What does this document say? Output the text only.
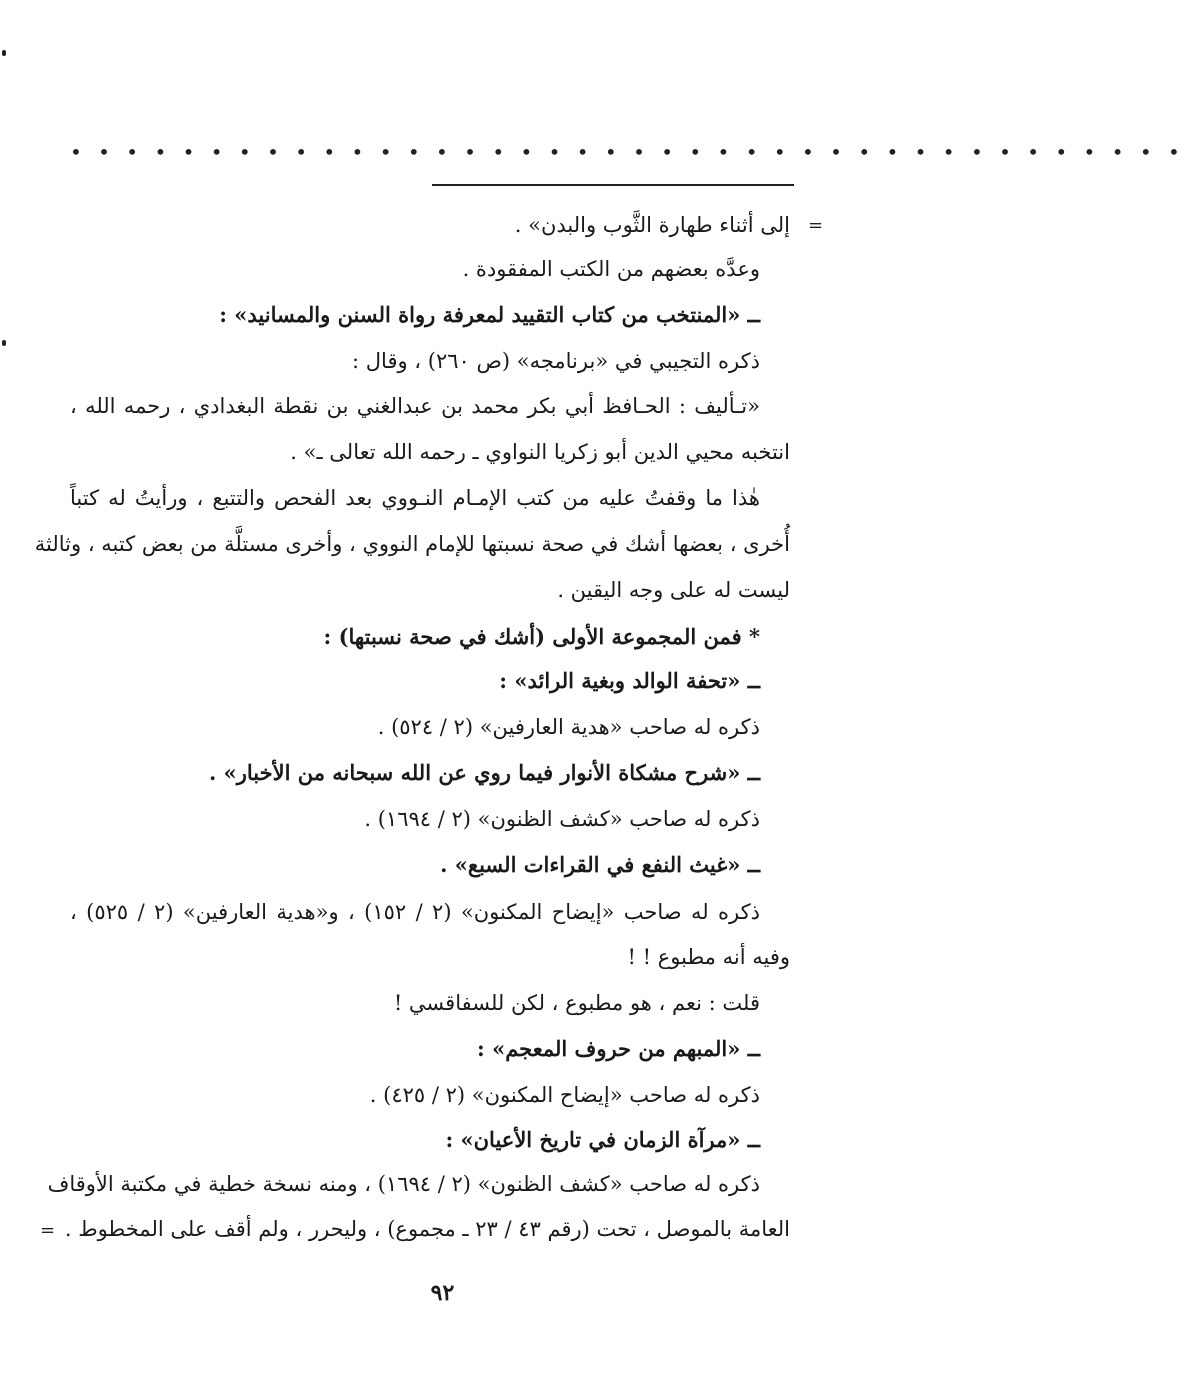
• • • • • • • • • • • • • • • • • • • • • • • • • • • • • • • • • • • • • • • •
=
إلى أثناء طهارة الثَّوب والبدن» .
وعدَّه بعضهم من الكتب المفقودة .
ــ «المنتخب من كتاب التقييد لمعرفة رواة السنن والمسانيد» :
ذكره التجيبي في «برنامجه» (ص ٢٦٠) ، وقال :
«تـأليف : الحـافظ أبي بكر محمد بن عبدالغني بن نقطة البغدادي ، رحمه الله ،
انتخبه محيي الدين أبو زكريا النواوي ـ رحمه الله تعالى ـ» .
هٰذا ما وقفتُ عليه من كتب الإمـام النـووي بعد الفحص والتتبع ، ورأيتُ له كتباً
أُخرى ، بعضها أشك في صحة نسبتها للإمام النووي ، وأخرى مستلَّة من بعض كتبه ، وثالثة
ليست له على وجه اليقين .
* فمن المجموعة الأولى (أشك في صحة نسبتها) :
ــ «تحفة الوالد وبغية الرائد» :
ذكره له صاحب «هدية العارفين» (٢ / ٥٢٤) .
ــ «شرح مشكاة الأنوار فيما روي عن الله سبحانه من الأخبار» .
ذكره له صاحب «كشف الظنون» (٢ / ١٦٩٤) .
ــ «غيث النفع في القراءات السبع» .
ذكره له صاحب «إيضاح المكنون» (٢ / ١٥٢) ، و«هدية العارفين» (٢ / ٥٢٥) ،
وفيه أنه مطبوع ! !
قلت : نعم ، هو مطبوع ، لكن للسفاقسي !
ــ «المبهم من حروف المعجم» :
ذكره له صاحب «إيضاح المكنون» (٢ / ٤٢٥) .
ــ «مرآة الزمان في تاريخ الأعيان» :
ذكره له صاحب «كشف الظنون» (٢ / ١٦٩٤) ، ومنه نسخة خطية في مكتبة الأوقاف
العامة بالموصل ، تحت (رقم ٤٣ / ٢٣ ـ مجموع) ، وليحرر ، ولم أقف على المخطوط .
=
٩٢
